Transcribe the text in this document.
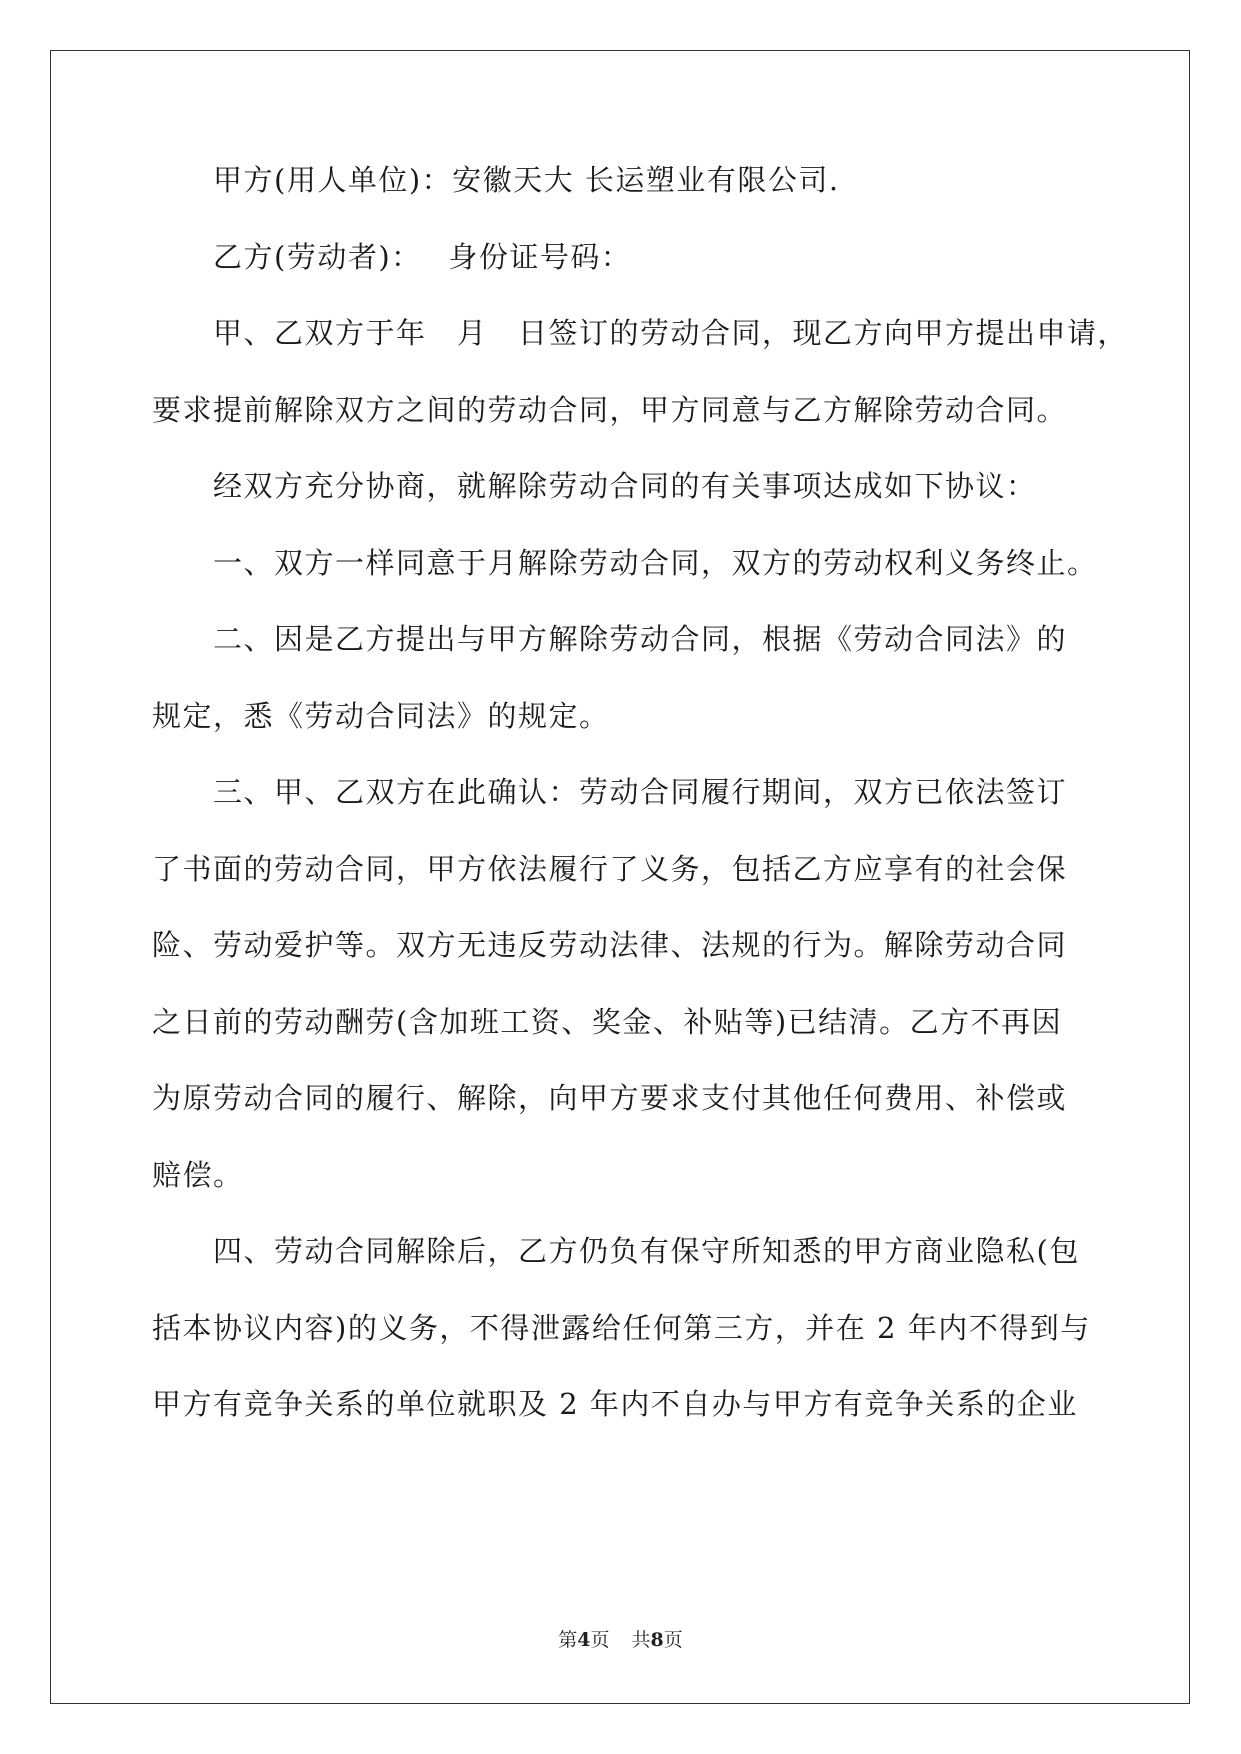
　　甲方(用人单位)：安徽天大 长运塑业有限公司.
　　乙方(劳动者)：　 身份证号码：
　　甲、乙双方于年　月　日签订的劳动合同，现乙方向甲方提出申请，
要求提前解除双方之间的劳动合同，甲方同意与乙方解除劳动合同。
　　经双方充分协商，就解除劳动合同的有关事项达成如下协议：
　　一、双方一样同意于月解除劳动合同，双方的劳动权利义务终止。
　　二、因是乙方提出与甲方解除劳动合同，根据《劳动合同法》的
规定，悉《劳动合同法》的规定。
　　三、甲、乙双方在此确认：劳动合同履行期间，双方已依法签订
了书面的劳动合同，甲方依法履行了义务，包括乙方应享有的社会保
险、劳动爱护等。双方无违反劳动法律、法规的行为。解除劳动合同
之日前的劳动酬劳(含加班工资、奖金、补贴等)已结清。乙方不再因
为原劳动合同的履行、解除，向甲方要求支付其他任何费用、补偿或
赔偿。
　　四、劳动合同解除后，乙方仍负有保守所知悉的甲方商业隐私(包
括本协议内容)的义务，不得泄露给任何第三方，并在 2 年内不得到与
甲方有竞争关系的单位就职及 2 年内不自办与甲方有竞争关系的企业
第4页 共8页
